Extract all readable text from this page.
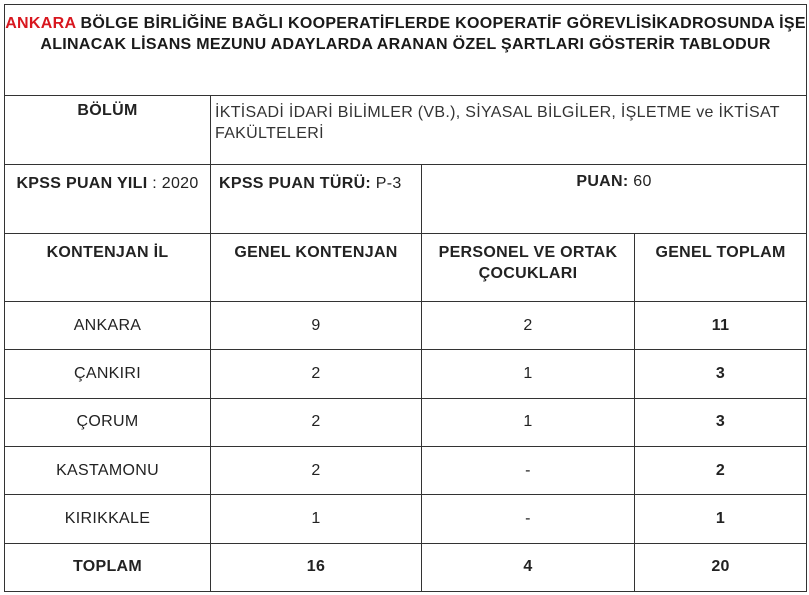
ANKARA BÖLGE BİRLİĞİNE BAĞLI KOOPERATİFLERDE KOOPERATİF GÖREVLİSİKADROSUNDA İŞE ALINACAK LİSANS MEZUNU ADAYLARDA ARANAN ÖZEL ŞARTLARI GÖSTERİR TABLODUR			
BÖLÜM	İKTİSADİ İDARİ BİLİMLER (VB.), SİYASAL BİLGİLER, İŞLETME ve İKTİSAT FAKÜLTELERİ		
KPSS PUAN YILI : 2020	KPSS PUAN TÜRÜ: P-3	PUAN: 60	
KONTENJAN İL	GENEL KONTENJAN	PERSONEL VE ORTAK ÇOCUKLARI	GENEL TOPLAM
ANKARA	9	2	11
ÇANKIRI	2	1	3
ÇORUM	2	1	3
KASTAMONU	2	-	2
KIRIKKALE	1	-	1
TOPLAM	16	4	20
